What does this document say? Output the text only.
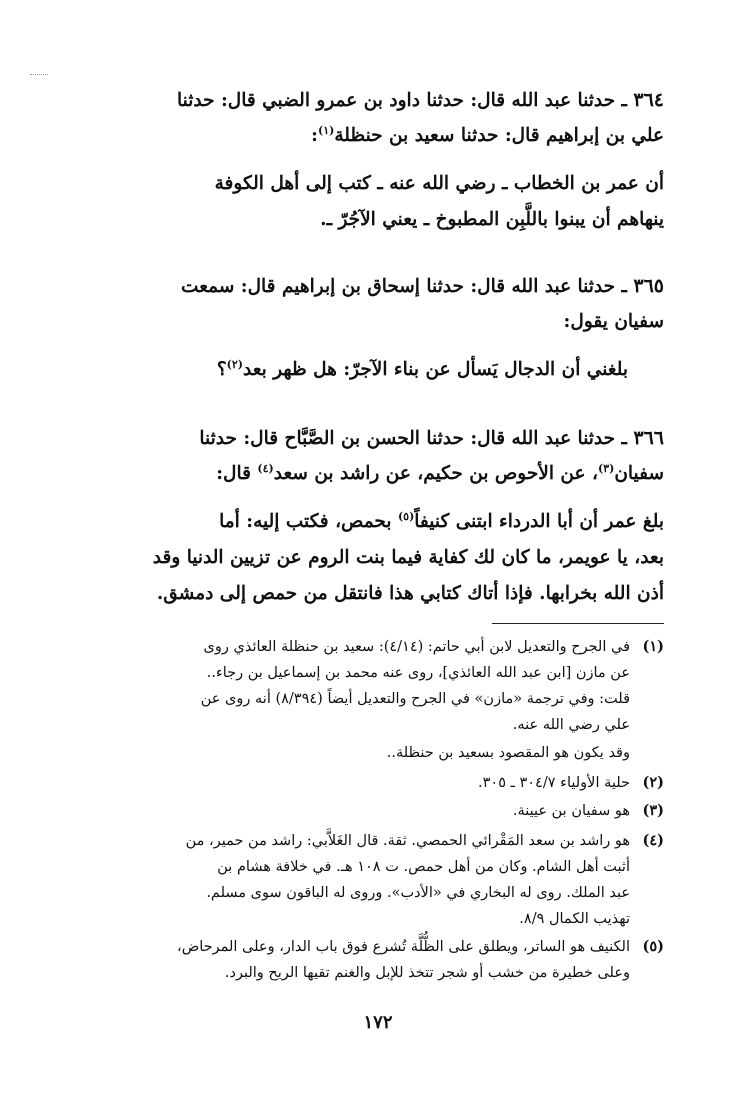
٣٦٤ ـ حدثنا عبد الله قال: حدثنا داود بن عمرو الضبي قال: حدثنا

علي بن إبراهيم قال: حدثنا سعيد بن حنظلة$^{(١)}$:

أن عمر بن الخطاب ـ رضي الله عنه ـ كتب إلى أهل الكوفة

ينهاهم أن يبنوا باللَّبِن المطبوخ ـ يعني الآجُرّ ـ.

٣٦٥ ـ حدثنا عبد الله قال: حدثنا إسحاق بن إبراهيم قال: سمعت

سفيان يقول:

بلغني أن الدجال يَسأل عن بناء الآجرّ: هل ظهر بعد$^{(٢)}$؟

٣٦٦ ـ حدثنا عبد الله قال: حدثنا الحسن بن الصَّبَّاح قال: حدثنا

سفيان$^{(٣)}$، عن الأحوص بن حكيم، عن راشد بن سعد$^{(٤)}$ قال:

بلغ عمر أن أبا الدرداء ابتنى كنيفاً$^{(٥)}$ بحمص، فكتب إليه: أما

بعد، يا عويمر، ما كان لك كفاية فيما بنت الروم عن تزيين الدنيا وقد

أذن الله بخرابها. فإذا أتاك كتابي هذا فانتقل من حمص إلى دمشق.

(١)في الجرح والتعديل لابن أبي حاتم: (٤/١٤): سعيد بن حنظلة العائذي روى

عن مازن [ابن عبد الله العائذي]، روى عنه محمد بن إسماعيل بن رجاء..

قلت: وفي ترجمة «مازن» في الجرح والتعديل أيضاً (٨/٣٩٤) أنه روى عن

علي رضي الله عنه.

وقد يكون هو المقصود بسعيد بن حنظلة..

(٢)حلية الأولياء ٣٠٤/٧ ـ ٣٠٥.

(٣)هو سفيان بن عيينة.

(٤)هو راشد بن سعد المَقْرائي الحمصي. ثقة. قال الغَلاَّبي: راشد من حمير، من

أثبت أهل الشام. وكان من أهل حمص. ت ١٠٨ هـ. في خلافة هشام بن

عبد الملك. روى له البخاري في «الأدب». وروى له الباقون سوى مسلم.

تهذيب الكمال ٨/٩.

(٥)الكنيف هو الساتر، ويطلق على الظُّلَّة تُشرع فوق باب الدار، وعلى المرحاض،

وعلى خطيرة من خشب أو شجر تتخذ للإبل والغنم تقيها الريح والبرد.

١٧٢
